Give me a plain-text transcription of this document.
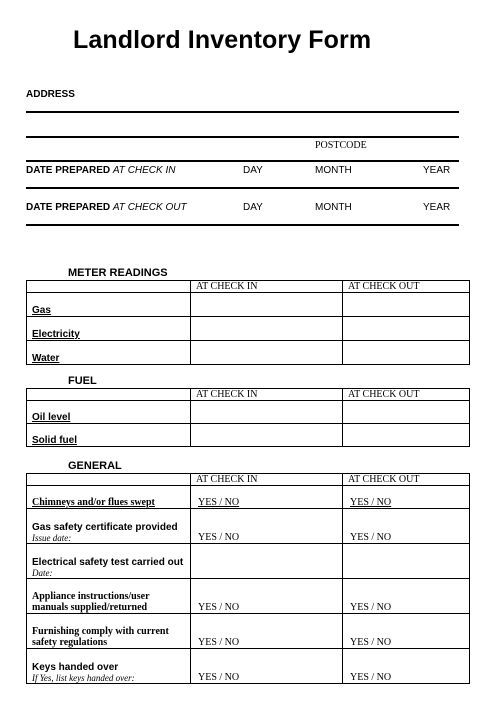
Landlord Inventory Form
ADDRESS
POSTCODE
DATE PREPARED AT CHECK IN	DAY	MONTH	YEAR
DATE PREPARED AT CHECK OUT	DAY	MONTH	YEAR
METER READINGS
	AT CHECK IN	AT CHECK OUT
Gas		
Electricity		
Water		
FUEL
	AT CHECK IN	AT CHECK OUT
Oil level		
Solid fuel		
GENERAL
	AT CHECK IN	AT CHECK OUT
Chimneys and/or flues swept	YES / NO	YES / NO
Gas safety certificate provided
Issue date:	YES / NO	YES / NO
Electrical safety test carried out
Date:		

Appliance instructions/user
manuals supplied/returned	YES / NO	YES / NO

Furnishing comply with current
safety regulations	YES / NO	YES / NO
Keys handed over
If Yes, list keys handed over:	YES / NO	YES / NO
